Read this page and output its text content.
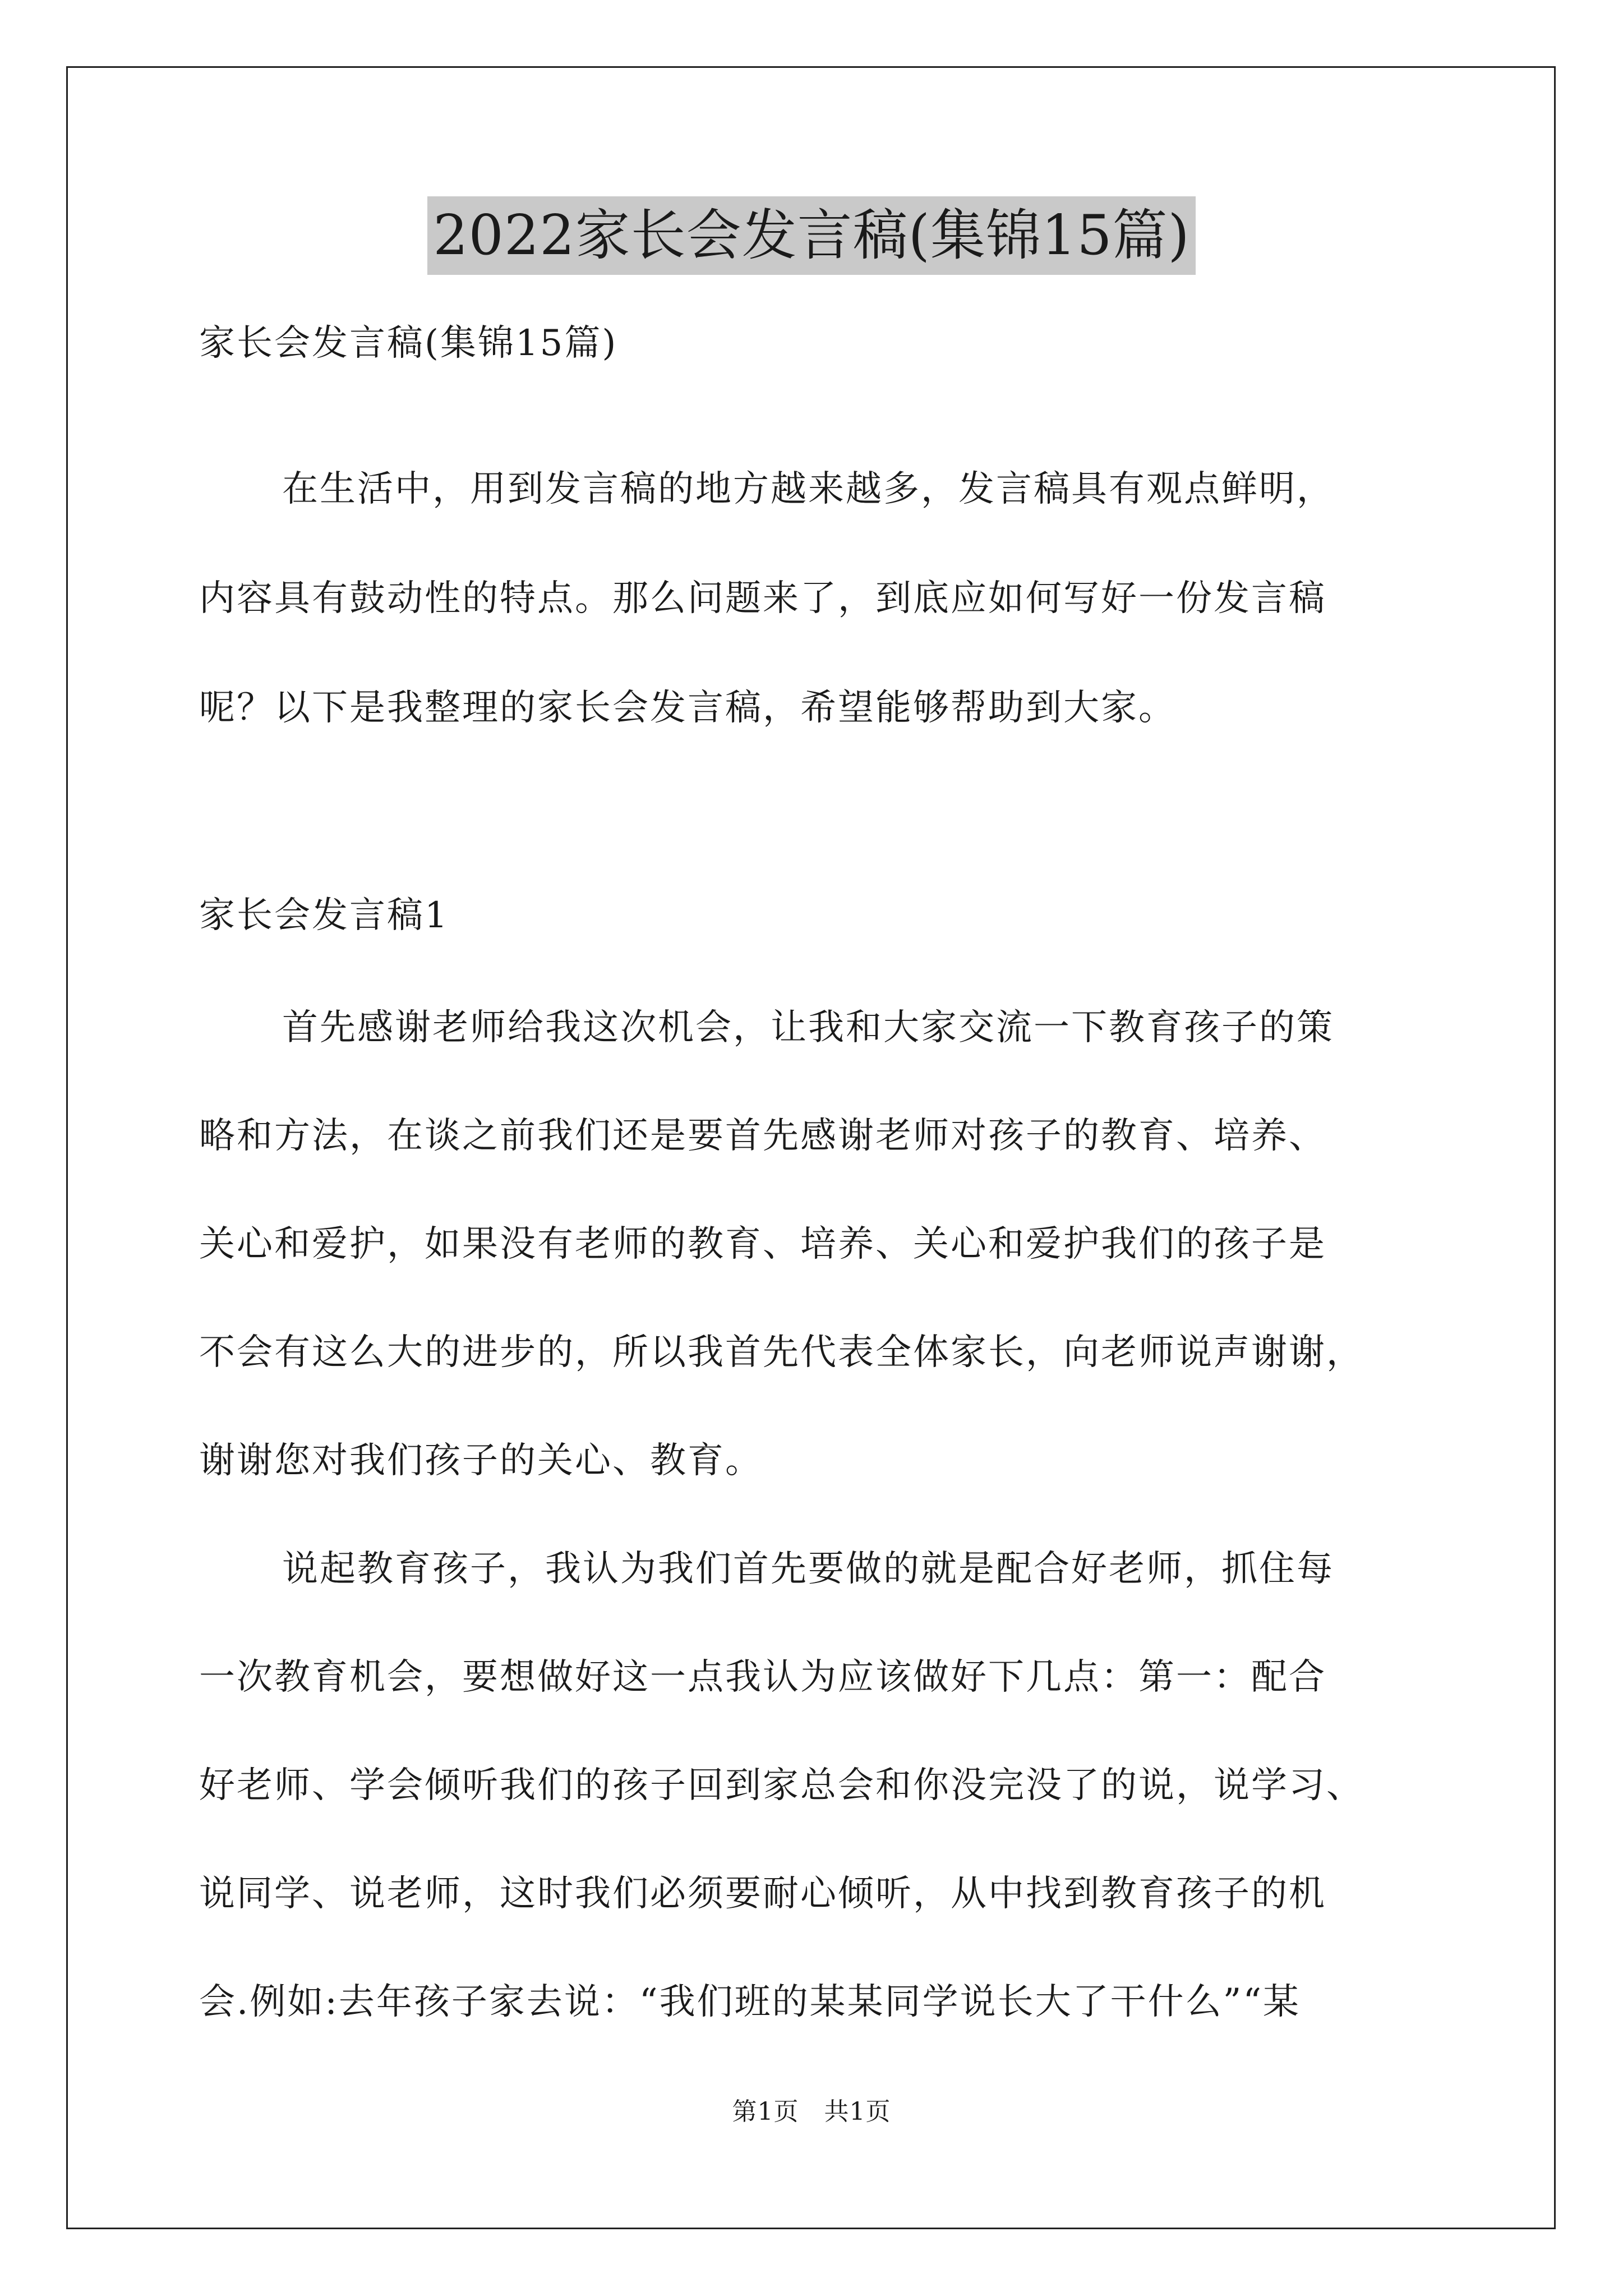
2022家长会发言稿(集锦15篇)

家长会发言稿(集锦15篇)

在生活中，用到发言稿的地方越来越多，发言稿具有观点鲜明，
内容具有鼓动性的特点。那么问题来了，到底应如何写好一份发言稿
呢？以下是我整理的家长会发言稿，希望能够帮助到大家。

家长会发言稿1

首先感谢老师给我这次机会，让我和大家交流一下教育孩子的策
略和方法，在谈之前我们还是要首先感谢老师对孩子的教育、培养、
关心和爱护，如果没有老师的教育、培养、关心和爱护我们的孩子是
不会有这么大的进步的，所以我首先代表全体家长，向老师说声谢谢，
谢谢您对我们孩子的关心、教育。
说起教育孩子，我认为我们首先要做的就是配合好老师，抓住每
一次教育机会，要想做好这一点我认为应该做好下几点：第一：配合
好老师、学会倾听我们的孩子回到家总会和你没完没了的说，说学习、
说同学、说老师，这时我们必须要耐心倾听，从中找到教育孩子的机
会.例如:去年孩子家去说：“我们班的某某同学说长大了干什么”“某
第1页　共1页
